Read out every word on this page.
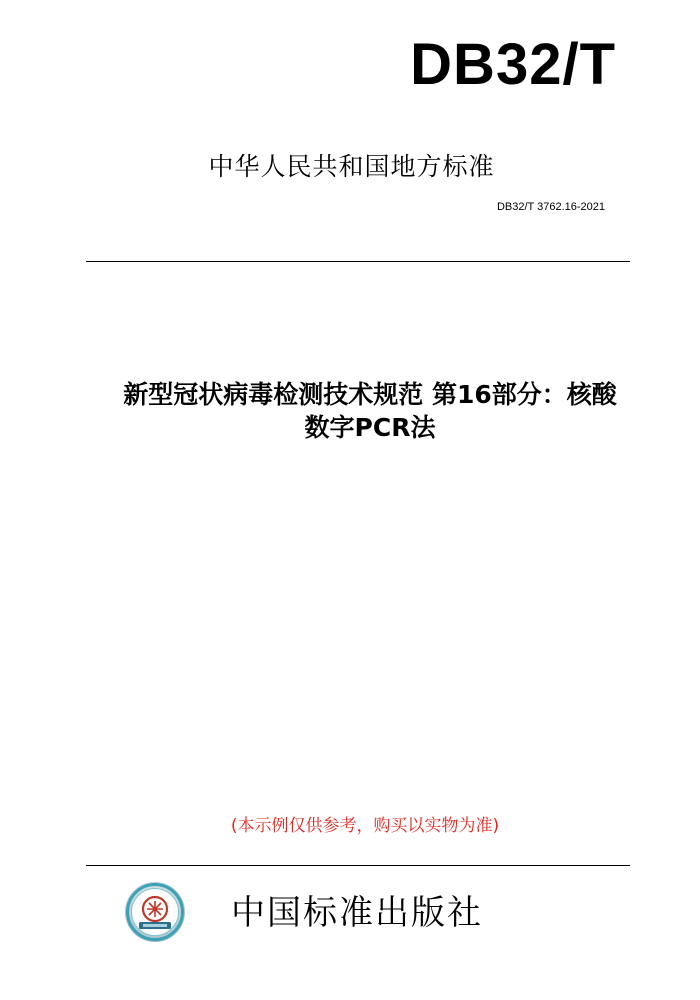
DB32/T
中华人民共和国地方标准
DB32/T 3762.16-2021
新型冠状病毒检测技术规范 第16部分：核酸
数字PCR法
(本示例仅供参考，购买以实物为准)
中国标准出版社
